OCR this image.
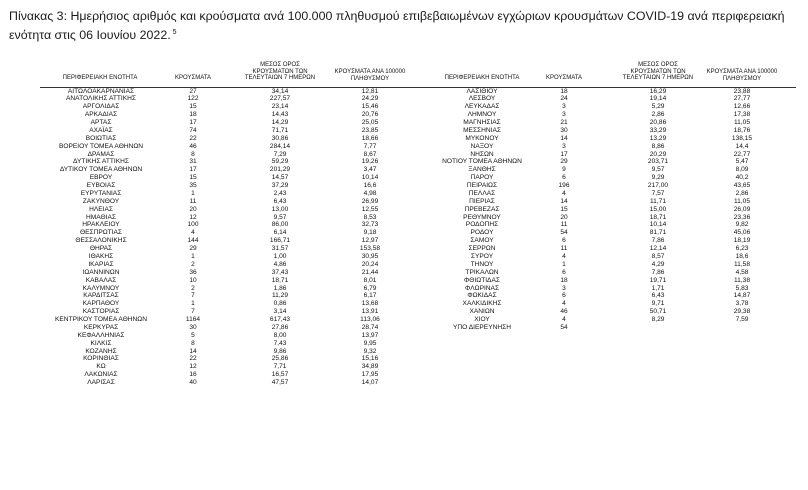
Πίνακας 3: Ημερήσιος αριθμός και κρούσματα ανά 100.000 πληθυσμού επιβεβαιωμένων εγχώριων κρουσμάτων COVID-19 ανά περιφερειακή
ενότητα στις 06 Ιουνίου 2022. $^5$
ΠΕΡΙΦΕΡΕΙΑΚΗ ΕΝΟΤΗΤΑ	ΚΡΟΥΣΜΑΤΑ
ΜΕΣΟΣ ΟΡΟΣ ΚΡΟΥΣΜΑΤΩΝ ΤΩΝ ΤΕΛΕΥΤΑΙΩΝ 7 ΗΜΕΡΩΝ
ΚΡΟΥΣΜΑΤΑ ΑΝΑ 100000 ΠΛΗΘΥΣΜΟΥ	ΠΕΡΙΦΕΡΕΙΑΚΗ ΕΝΟΤΗΤΑ	ΚΡΟΥΣΜΑΤΑ
ΜΕΣΟΣ ΟΡΟΣ ΚΡΟΥΣΜΑΤΩΝ ΤΩΝ ΤΕΛΕΥΤΑΙΩΝ 7 ΗΜΕΡΩΝ
ΚΡΟΥΣΜΑΤΑ ΑΝΑ 100000 ΠΛΗΘΥΣΜΟΥ
ΑΙΤΩΛΟΑΚΑΡΝΑΝΙΑΣ	27	34,14	12,81
ΑΝΑΤΟΛΙΚΗΣ ΑΤΤΙΚΗΣ	122	227,57	24,29
ΑΡΓΟΛΙΔΑΣ	15	23,14	15,46
ΑΡΚΑΔΙΑΣ	18	14,43	20,76
ΑΡΤΑΣ	17	14,29	25,05
ΑΧΑΪΑΣ	74	71,71	23,85
ΒΟΙΩΤΙΑΣ	22	30,86	18,66
ΒΟΡΕΙΟΥ ΤΟΜΕΑ ΑΘΗΝΩΝ	46	284,14	7,77
ΔΡΑΜΑΣ	8	7,29	8,67
ΔΥΤΙΚΗΣ ΑΤΤΙΚΗΣ	31	59,29	19,26
ΔΥΤΙΚΟΥ ΤΟΜΕΑ ΑΘΗΝΩΝ	17	201,29	3,47
ΕΒΡΟΥ	15	14,57	10,14
ΕΥΒΟΙΑΣ	35	37,29	16,6
ΕΥΡΥΤΑΝΙΑΣ	1	2,43	4,98
ΖΑΚΥΝΘΟΥ	11	6,43	26,99
ΗΛΕΙΑΣ	20	13,00	12,55
ΗΜΑΘΙΑΣ	12	9,57	8,53
ΗΡΑΚΛΕΙΟΥ	100	86,00	32,73
ΘΕΣΠΡΩΤΙΑΣ	4	6,14	9,18
ΘΕΣΣΑΛΟΝΙΚΗΣ	144	166,71	12,97
ΘΗΡΑΣ	29	31,57	153,58
ΙΘΑΚΗΣ	1	1,00	30,95
ΙΚΑΡΙΑΣ	2	4,86	20,24
ΙΩΑΝΝΙΝΩΝ	36	37,43	21,44
ΚΑΒΑΛΑΣ	10	18,71	8,01
ΚΑΛΥΜΝΟΥ	2	1,86	6,79
ΚΑΡΔΙΤΣΑΣ	7	11,29	6,17
ΚΑΡΠΑΘΟΥ	1	0,86	13,68
ΚΑΣΤΟΡΙΑΣ	7	3,14	13,91
ΚΕΝΤΡΙΚΟΥ ΤΟΜΕΑ ΑΘΗΝΩΝ	1164	617,43	113,06
ΚΕΡΚΥΡΑΣ	30	27,86	28,74
ΚΕΦΑΛΛΗΝΙΑΣ	5	8,00	13,97
ΚΙΛΚΙΣ	8	7,43	9,95
ΚΟΖΑΝΗΣ	14	9,86	9,32
ΚΟΡΙΝΘΙΑΣ	22	25,86	15,16
ΚΩ	12	7,71	34,89
ΛΑΚΩΝΙΑΣ	16	16,57	17,95
ΛΑΡΙΣΑΣ	40	47,57	14,07
ΛΑΣΙΘΙΟΥ	18	16,29	23,88
ΛΕΣΒΟΥ	24	19,14	27,77
ΛΕΥΚΑΔΑΣ	3	5,29	12,66
ΛΗΜΝΟΥ	3	2,86	17,38
ΜΑΓΝΗΣΙΑΣ	21	20,86	11,05
ΜΕΣΣΗΝΙΑΣ	30	33,29	18,76
ΜΥΚΟΝΟΥ	14	13,29	138,15
ΝΑΞΟΥ	3	8,86	14,4
ΝΗΣΩΝ	17	20,29	22,77
ΝΟΤΙΟΥ ΤΟΜΕΑ ΑΘΗΝΩΝ	29	203,71	5,47
ΞΑΝΘΗΣ	9	9,57	8,09
ΠΑΡΟΥ	6	9,29	40,2
ΠΕΙΡΑΙΩΣ	196	217,00	43,65
ΠΕΛΛΑΣ	4	7,57	2,86
ΠΙΕΡΙΑΣ	14	11,71	11,05
ΠΡΕΒΕΖΑΣ	15	15,00	26,09
ΡΕΘΥΜΝΟΥ	20	18,71	23,36
ΡΟΔΟΠΗΣ	11	10,14	9,82
ΡΟΔΟΥ	54	81,71	45,06
ΣΑΜΟΥ	6	7,86	18,19
ΣΕΡΡΩΝ	11	12,14	6,23
ΣΥΡΟΥ	4	8,57	18,6
ΤΗΝΟΥ	1	4,29	11,58
ΤΡΙΚΑΛΩΝ	6	7,86	4,58
ΦΘΙΩΤΙΔΑΣ	18	19,71	11,38
ΦΛΩΡΙΝΑΣ	3	1,71	5,83
ΦΩΚΙΔΑΣ	6	6,43	14,87
ΧΑΛΚΙΔΙΚΗΣ	4	9,71	3,78
ΧΑΝΙΩΝ	46	50,71	29,38
ΧΙΟΥ	4	8,29	7,59
ΥΠΟ ΔΙΕΡΕΥΝΗΣΗ	54
